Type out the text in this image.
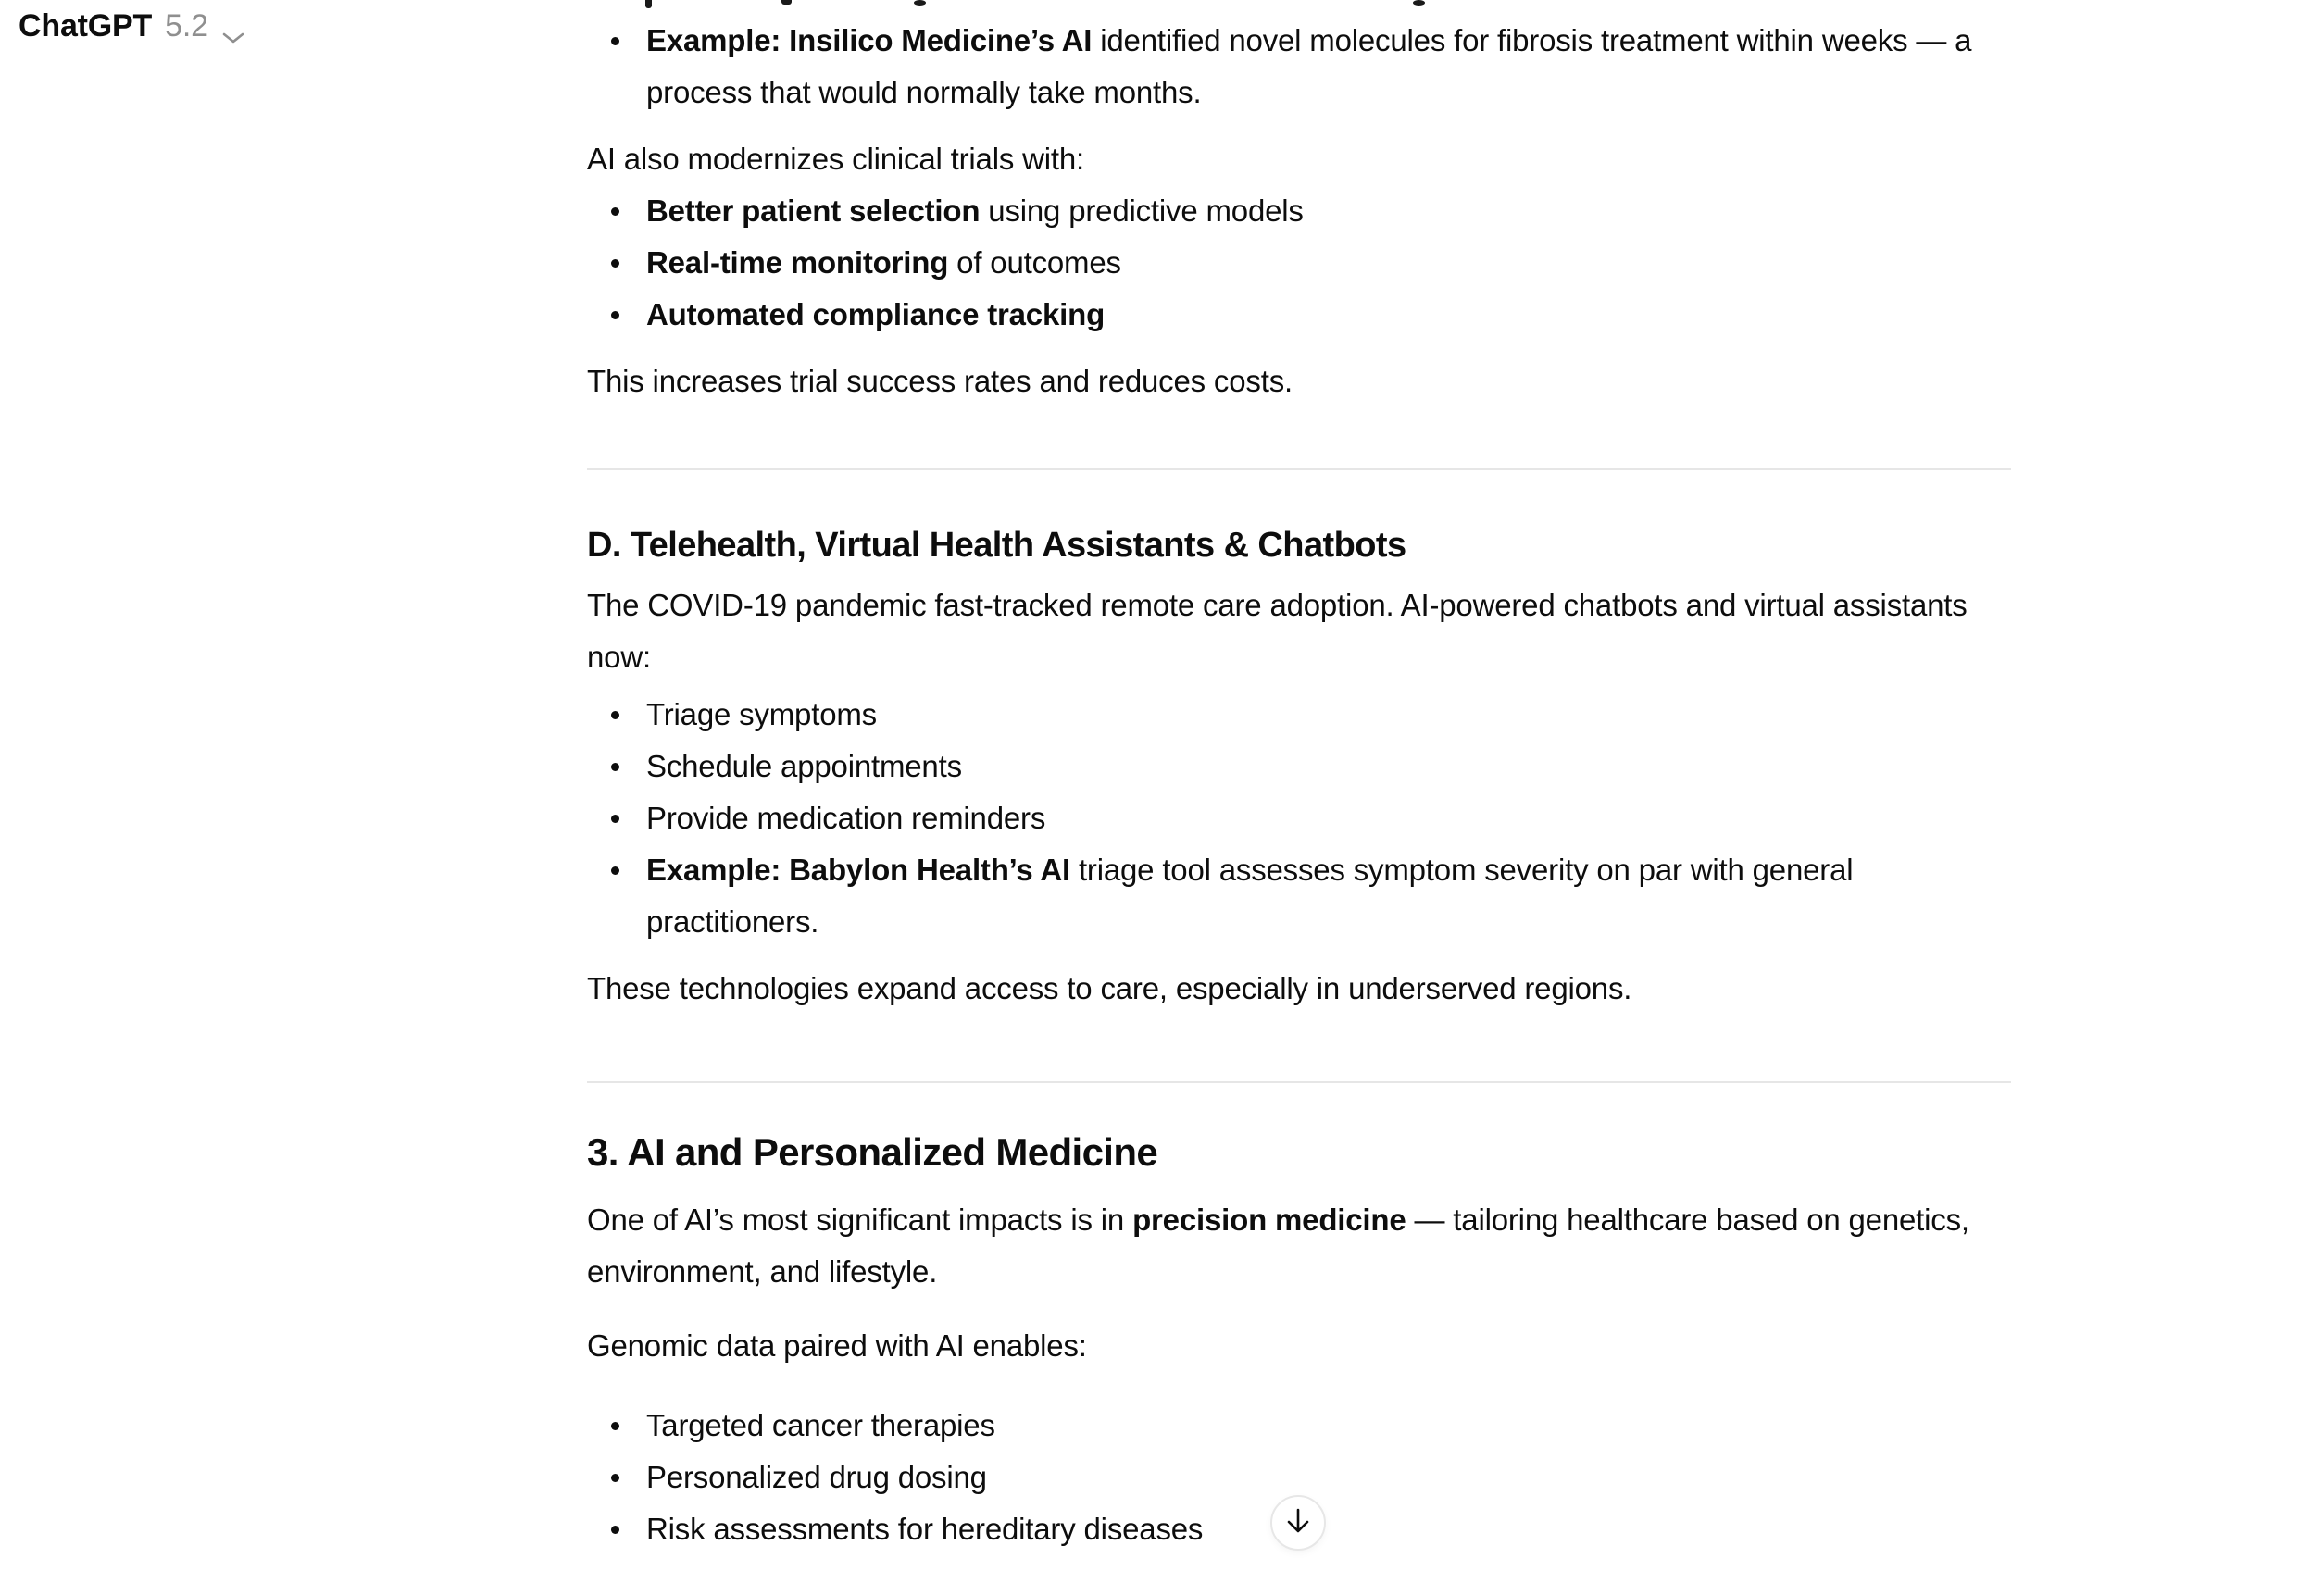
ChatGPT 5.2	Example: Insilico Medicine’s AI identified novel molecules for fibrosis treatment within weeks — a
process that would normally take months.
AI also modernizes clinical trials with:
Better patient selection using predictive models
Real-time monitoring of outcomes
Automated compliance tracking
This increases trial success rates and reduces costs.
D. Telehealth, Virtual Health Assistants & Chatbots
The COVID-19 pandemic fast-tracked remote care adoption. AI-powered chatbots and virtual assistants
now:
Triage symptoms
Schedule appointments
Provide medication reminders
Example: Babylon Health’s AI triage tool assesses symptom severity on par with general
practitioners.
These technologies expand access to care, especially in underserved regions.
3. AI and Personalized Medicine
One of AI’s most significant impacts is in precision medicine — tailoring healthcare based on genetics,
environment, and lifestyle.
Genomic data paired with AI enables:
Targeted cancer therapies
Personalized drug dosing
Risk assessments for hereditary diseases
